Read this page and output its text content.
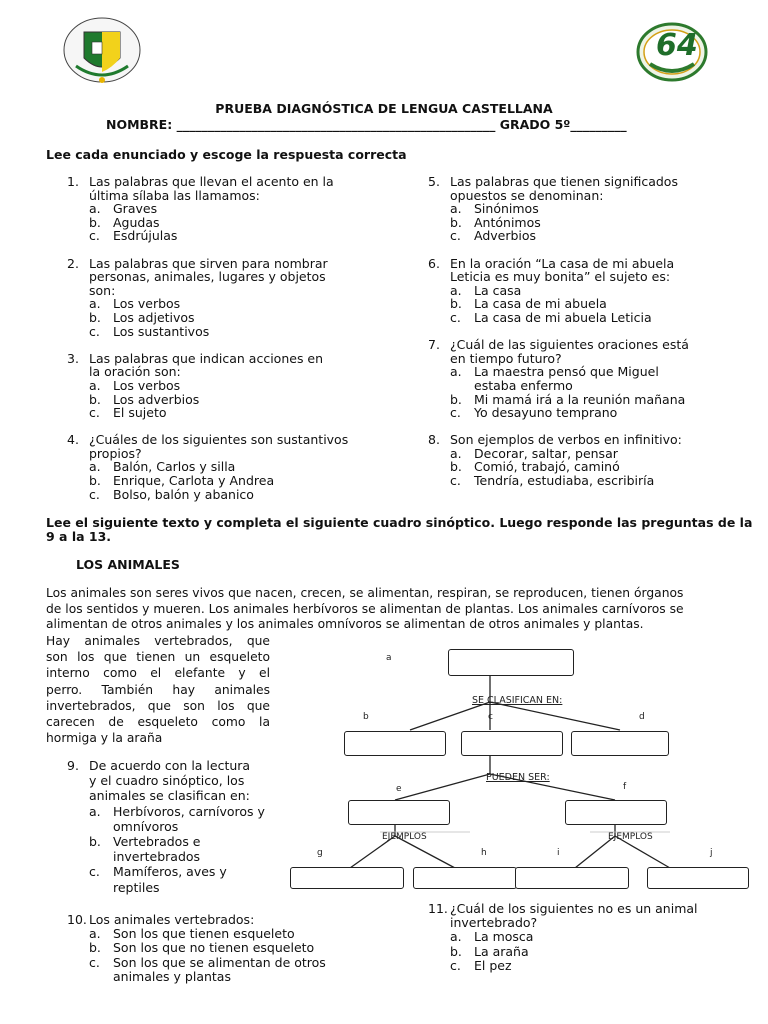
64
PRUEBA DIAGNÓSTICA DE LENGUA CASTELLANA
NOMBRE: ___________________________________________________ GRADO 5º_________
Lee cada enunciado y escoge la respuesta correcta
1. Las palabras que llevan el acento en la
última sílaba las llamamos:
a. Graves
b. Agudas
c. Esdrújulas
2. Las palabras que sirven para nombrar
personas, animales, lugares y objetos
son:
a. Los verbos
b. Los adjetivos
c. Los sustantivos
3. Las palabras que indican acciones en
la oración son:
a. Los verbos
b. Los adverbios
c. El sujeto
4. ¿Cuáles de los siguientes son sustantivos
propios?
a. Balón, Carlos y silla
b. Enrique, Carlota y Andrea
c. Bolso, balón y abanico
5. Las palabras que tienen significados
opuestos se denominan:
a. Sinónimos
b. Antónimos
c. Adverbios
6. En la oración “La casa de mi abuela
Leticia es muy bonita” el sujeto es:
a. La casa
b. La casa de mi abuela
c. La casa de mi abuela Leticia
7. ¿Cuál de las siguientes oraciones está
en tiempo futuro?
a. La maestra pensó que Miguel
estaba enfermo
b. Mi mamá irá a la reunión mañana
c. Yo desayuno temprano
8. Son ejemplos de verbos en infinitivo:
a. Decorar, saltar, pensar
b. Comió, trabajó, caminó
c. Tendría, estudiaba, escribiría
Lee el siguiente texto y completa el siguiente cuadro sinóptico. Luego responde las preguntas de la
9 a la 13.
LOS ANIMALES
Los animales son seres vivos que nacen, crecen, se alimentan, respiran, se reproducen, tienen órganos
de los sentidos y mueren. Los animales herbívoros se alimentan de plantas. Los animales carnívoros se
alimentan de otros animales y los animales omnívoros se alimentan de otros animales y plantas.
Hay animales vertebrados, que
son los que tienen un esqueleto
interno como el elefante y el
perro. También hay animales
invertebrados, que son los que
carecen de esqueleto como la
hormiga y la araña
9. De acuerdo con la lectura
y el cuadro sinóptico, los
animales se clasifican en:
a. Herbívoros, carnívoros y
omnívoros
b. Vertebrados e
invertebrados
c. Mamíferos, aves y
reptiles
10. Los animales vertebrados:
a. Son los que tienen esqueleto
b. Son los que no tienen esqueleto
c. Son los que se alimentan de otros
animales y plantas
11. ¿Cuál de los siguientes no es un animal
invertebrado?
a. La mosca
b. La araña
c. El pez
a
b	c	d
e	f
g	h	i	j
SE CLASIFICAN EN:
PUEDEN SER:
EJEMPLOS	EJEMPLOS
